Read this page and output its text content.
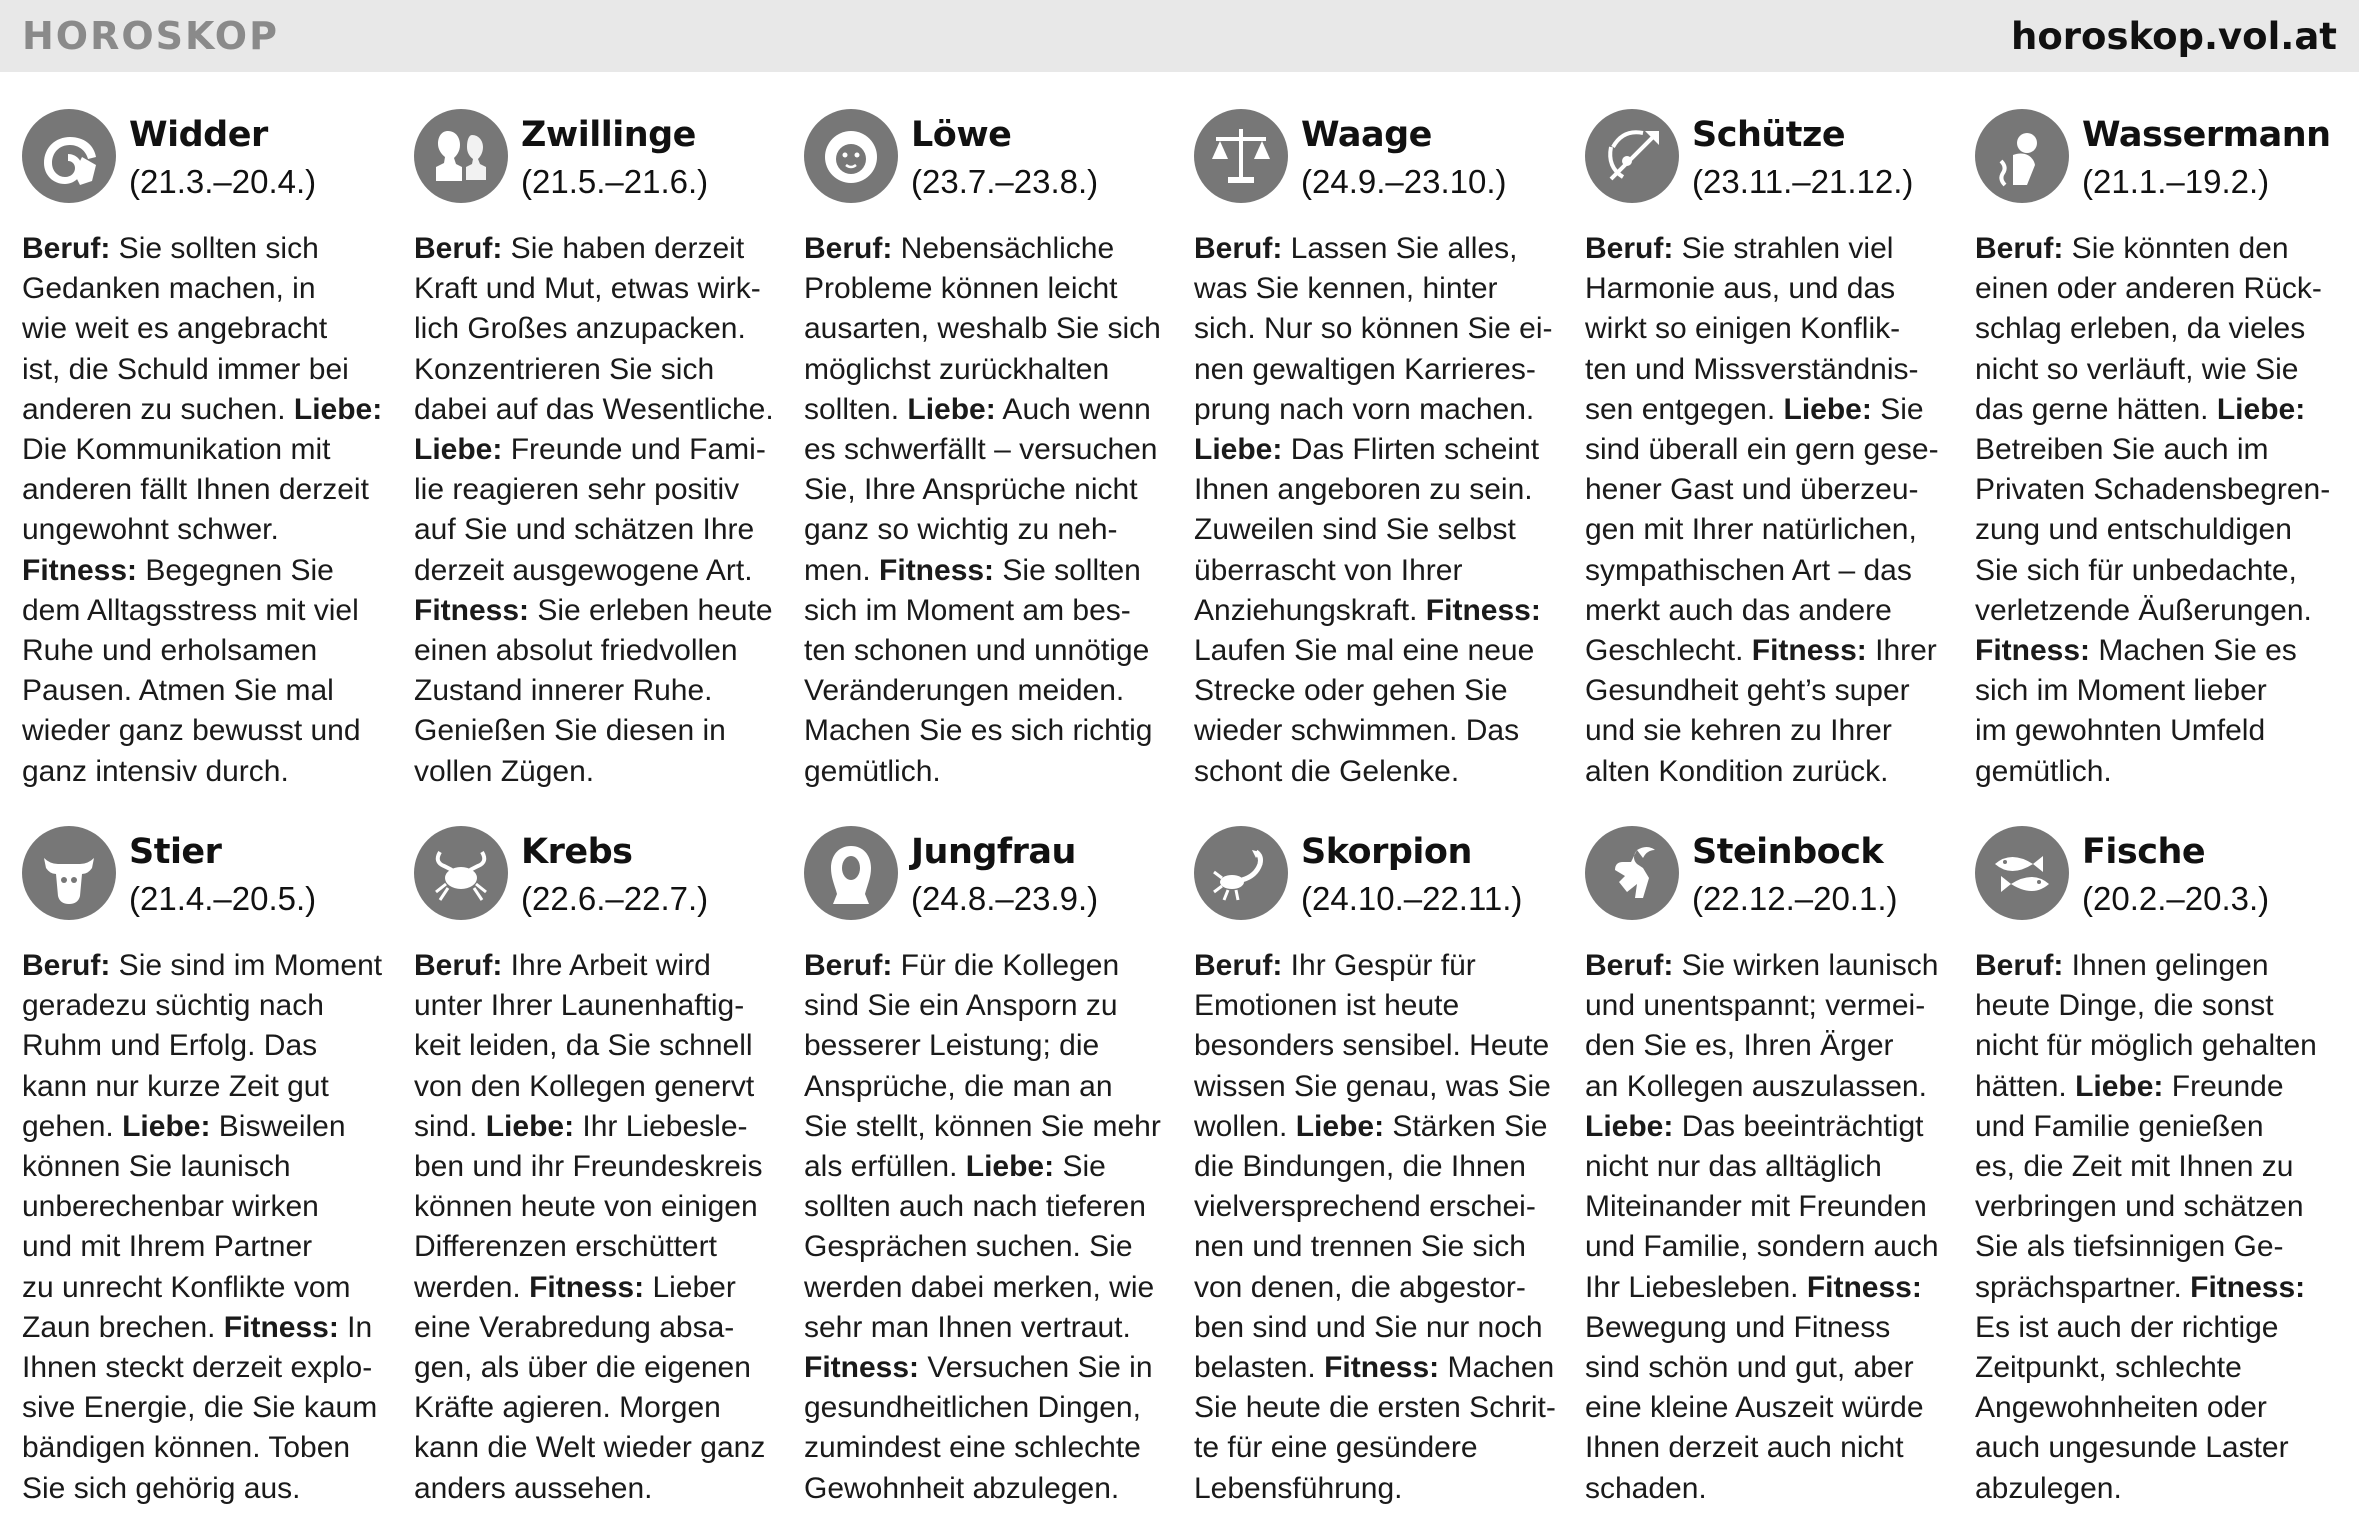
HOROSKOP	horoskop.vol.at
Widder
(21.3.–20.4.)
Beruf: Sie sollten sich
Gedanken machen, in
wie weit es angebracht
ist, die Schuld immer bei
anderen zu suchen. Liebe:
Die Kommunikation mit
anderen fällt Ihnen derzeit
ungewohnt schwer.
Fitness: Begegnen Sie
dem Alltagsstress mit viel
Ruhe und erholsamen
Pausen. Atmen Sie mal
wieder ganz bewusst und
ganz intensiv durch.
Zwillinge
(21.5.–21.6.)
Beruf: Sie haben derzeit
Kraft und Mut, etwas wirk-
lich Großes anzupacken.
Konzentrieren Sie sich
dabei auf das Wesentliche.
Liebe: Freunde und Fami-
lie reagieren sehr positiv
auf Sie und schätzen Ihre
derzeit ausgewogene Art.
Fitness: Sie erleben heute
einen absolut friedvollen
Zustand innerer Ruhe.
Genießen Sie diesen in
vollen Zügen.
Löwe
(23.7.–23.8.)
Beruf: Nebensächliche
Probleme können leicht
ausarten, weshalb Sie sich
möglichst zurückhalten
sollten. Liebe: Auch wenn
es schwerfällt – versuchen
Sie, Ihre Ansprüche nicht
ganz so wichtig zu neh-
men. Fitness: Sie sollten
sich im Moment am bes-
ten schonen und unnötige
Veränderungen meiden.
Machen Sie es sich richtig
gemütlich.
Waage
(24.9.–23.10.)
Beruf: Lassen Sie alles,
was Sie kennen, hinter
sich. Nur so können Sie ei-
nen gewaltigen Karrieres-
prung nach vorn machen.
Liebe: Das Flirten scheint
Ihnen angeboren zu sein.
Zuweilen sind Sie selbst
überrascht von Ihrer
Anziehungskraft. Fitness:
Laufen Sie mal eine neue
Strecke oder gehen Sie
wieder schwimmen. Das
schont die Gelenke.
Schütze
(23.11.–21.12.)
Beruf: Sie strahlen viel
Harmonie aus, und das
wirkt so einigen Konflik-
ten und Missverständnis-
sen entgegen. Liebe: Sie
sind überall ein gern gese-
hener Gast und überzeu-
gen mit Ihrer natürlichen,
sympathischen Art – das
merkt auch das andere
Geschlecht. Fitness: Ihrer
Gesundheit geht’s super
und sie kehren zu Ihrer
alten Kondition zurück.
Wassermann
(21.1.–19.2.)
Beruf: Sie könnten den
einen oder anderen Rück-
schlag erleben, da vieles
nicht so verläuft, wie Sie
das gerne hätten. Liebe:
Betreiben Sie auch im
Privaten Schadensbegren-
zung und entschuldigen
Sie sich für unbedachte,
verletzende Äußerungen.
Fitness: Machen Sie es
sich im Moment lieber
im gewohnten Umfeld
gemütlich.
Stier
(21.4.–20.5.)
Beruf: Sie sind im Moment
geradezu süchtig nach
Ruhm und Erfolg. Das
kann nur kurze Zeit gut
gehen. Liebe: Bisweilen
können Sie launisch
unberechenbar wirken
und mit Ihrem Partner
zu unrecht Konflikte vom
Zaun brechen. Fitness: In
Ihnen steckt derzeit explo-
sive Energie, die Sie kaum
bändigen können. Toben
Sie sich gehörig aus.
Krebs
(22.6.–22.7.)
Beruf: Ihre Arbeit wird
unter Ihrer Launenhaftig-
keit leiden, da Sie schnell
von den Kollegen genervt
sind. Liebe: Ihr Liebesle-
ben und ihr Freundeskreis
können heute von einigen
Differenzen erschüttert
werden. Fitness: Lieber
eine Verabredung absa-
gen, als über die eigenen
Kräfte agieren. Morgen
kann die Welt wieder ganz
anders aussehen.
Jungfrau
(24.8.–23.9.)
Beruf: Für die Kollegen
sind Sie ein Ansporn zu
besserer Leistung; die
Ansprüche, die man an
Sie stellt, können Sie mehr
als erfüllen. Liebe: Sie
sollten auch nach tieferen
Gesprächen suchen. Sie
werden dabei merken, wie
sehr man Ihnen vertraut.
Fitness: Versuchen Sie in
gesundheitlichen Dingen,
zumindest eine schlechte
Gewohnheit abzulegen.
Skorpion
(24.10.–22.11.)
Beruf: Ihr Gespür für
Emotionen ist heute
besonders sensibel. Heute
wissen Sie genau, was Sie
wollen. Liebe: Stärken Sie
die Bindungen, die Ihnen
vielversprechend erschei-
nen und trennen Sie sich
von denen, die abgestor-
ben sind und Sie nur noch
belasten. Fitness: Machen
Sie heute die ersten Schrit-
te für eine gesündere
Lebensführung.
Steinbock
(22.12.–20.1.)
Beruf: Sie wirken launisch
und unentspannt; vermei-
den Sie es, Ihren Ärger
an Kollegen auszulassen.
Liebe: Das beeinträchtigt
nicht nur das alltäglich
Miteinander mit Freunden
und Familie, sondern auch
Ihr Liebesleben. Fitness:
Bewegung und Fitness
sind schön und gut, aber
eine kleine Auszeit würde
Ihnen derzeit auch nicht
schaden.
Fische
(20.2.–20.3.)
Beruf: Ihnen gelingen
heute Dinge, die sonst
nicht für möglich gehalten
hätten. Liebe: Freunde
und Familie genießen
es, die Zeit mit Ihnen zu
verbringen und schätzen
Sie als tiefsinnigen Ge-
sprächspartner. Fitness:
Es ist auch der richtige
Zeitpunkt, schlechte
Angewohnheiten oder
auch ungesunde Laster
abzulegen.
